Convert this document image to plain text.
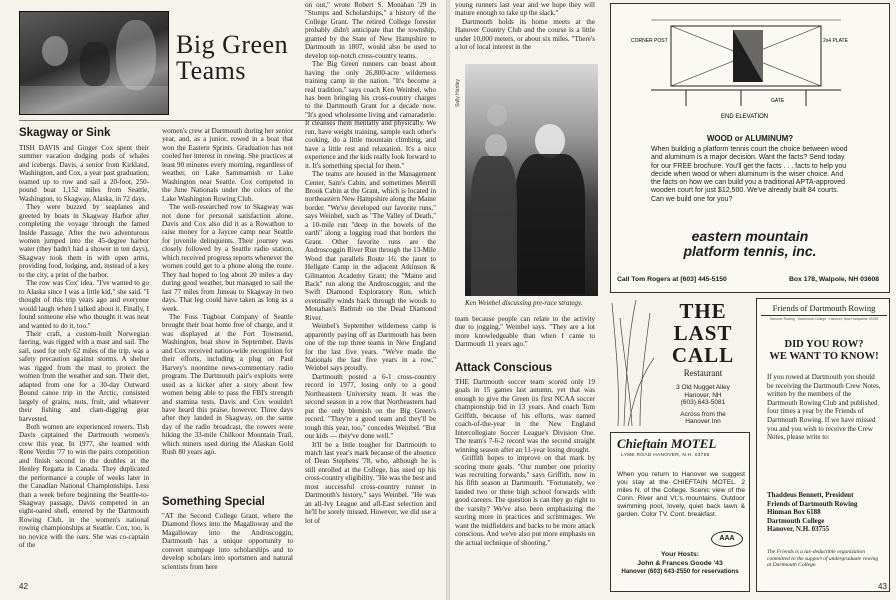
Big Green
Teams
Skagway or Sink

TISH DAVIS and Ginger Cox spent their summer vacation dodging pods of whales and icebergs. Davis, a senior from Kirkland, Washington, and Cox, a year past graduation, teamed up to row and sail a 20-foot, 250-pound boat 1,152 miles from Seattle, Washington, to Skagway, Alaska, in 72 days.

They were buzzed by seaplanes and greeted by boats in Skagway Harbor after completing the voyage through the famed Inside Passage. After the two adventurous women jumped into the 45-degree harbor water (they hadn't had a shower in ten days), Skagway took them in with open arms, providing food, lodging, and, instead of a key to the city, a print of the harbor.

The row was Cox' idea. "I've wanted to go to Alaska since I was a little kid," she said. "I thought of this trip years ago and everyone would laugh when I talked about it. Finally, I found someone else who thought it was neat and wanted to do it, too."

Their craft, a custom-built Norwegian faering, was rigged with a mast and sail. The sail, used for only 62 miles of the trip, was a safety precaution against storms. A shelter was rigged from the mast to protect the women from the weather and sun. Their diet, adapted from one for a 30-day Outward Bound canoe trip in the Arctic, consisted largely of grains, nuts, fruit, and whatever their fishing and clam-digging gear harvested.

Both women are experienced rowers. Tish Davis captained the Dartmouth women's crew this year. In 1977, she teamed with Rene Verdin '77 to win the pairs competition and finish second in the doubles at the Henley Regatta in Canada. They duplicated the performance a couple of weeks later in the Canadian National Championships. Less than a week before beginning the Seattle-to-Skagway passage, Davis competed in an eight-oared shell, entered by the Dartmouth Rowing Club, in the women's national rowing championships at Seattle. Cox, too, is no novice with the oars. She was co-captain of the

women's crew at Dartmouth during her senior year, and, as a junior, rowed in a boat that won the Eastern Sprints. Graduation has not cooled her interest in rowing. She practices at least 90 minutes every morning, regardless of weather, on Lake Sammamish or Lake Washington near Seattle. Cox competed in the June Nationals under the colors of the Lake Washington Rowing Club.

The well-researched row to Skagway was not done for personal satisfaction alone. Davis and Cox also did it as a Rowathon to raise money for a Jaycee camp near Seattle for juvenile delinquents. Their journey was closely followed by a Seattle radio station, which received progress reports whenever the women could get to a phone along the route. They had hoped to log about 20 miles a day during good weather, but managed to sail the last 77 miles from Juneau to Skagway in two days. That leg could have taken as long as a week.

The Foss Tugboat Company of Seattle brought their boat home free of charge, and it was displayed at the Fort Townsend, Washington, boat show in September. Davis and Cox received nation-wide recognition for their efforts, including a plug on Paul Harvey's noontime news-commentary radio program. The Dartmouth pair's exploits were used as a kicker after a story about few women being able to pass the FBI's strength and stamina tests. Davis and Cox wouldn't have heard this praise, however. Three days after they landed in Skagway, on the same day of the radio broadcast, the rowers were hiking the 33-mile Chilkoot Mountain Trail, which miners used during the Alaskan Gold Rush 80 years ago.

Something Special

"AT the Second College Grant, where the Diamond flows into the Magalloway and the Magalloway into the Androscoggin, Dartmouth has a unique opportunity to convert stumpage into scholarships and to develop scholars into sportsmen and natural scientists from here

on out," wrote Robert S. Monahan '29 in "Stumps and Scholarships," a history of the College Grant. The retired College forester probably didn't anticipate that the township, granted by the State of New Hampshire to Dartmouth in 1807, would also be used to develop top-notch cross-country teams.

The Big Green runners can boast about having the only 26,800-acre wilderness training camp in the nation. "It's become a real tradition," says coach Ken Weinbel, who has been bringing his cross-country charges to the Dartmouth Grant for a decade now. "It's good wholesome living and camaraderie. It cleanses them mentally and physically. We run, have weight training, sample each other's cooking, do a little mountain climbing, and have a little rest and relaxation. It's a nice experience and the kids really look forward to it. It's something special for them."

The teams are housed in the Management Center, Sam's Cabin, and sometimes Merrill Brook Cabin at the Grant, which is located in northeastern New Hampshire along the Maine border. "We've developed our favorite runs," says Weinbel, such as "The Valley of Death," a 10-mile run "deep in the bowels of the earth" along a logging road that borders the Grant. Other favorite runs are the Androscoggin River Run through the 13-Mile Wood that parallels Route 16; the jaunt to Hellgate Camp in the adjacent Atkinson & Gilmanton Academy Grant; the "Maine and Back" run along the Androscoggin; and the Swift Diamond Exploratory Run, which eventually winds back through the woods to Monahan's Bathtub on the Dead Diamond River.

Weinbel's September wilderness camp is apparently paying off as Dartmouth has been one of the top three teams in New England for the last five years. "We've made the Nationals the last five years in a row," Weinbel says proudly.

Dartmouth posted a 6-1 cross-country record in 1977, losing only to a good Northeastern University team. It was the second season in a row that Northeastern had put the only blemish on the Big Green's record. "They're a good team and they'll be tough this year, too," concedes Weinbel. "But our kids — they've done well."

It'll be a little tougher for Dartmouth to match last year's mark because of the absence of Dean Stephens '78, who, although he is still enrolled at the College, has used up his cross-country eligibility. "He was the best and most successful cross-country runner in Dartmouth's history," says Weinbel. "He was an all-Ivy League and all-East selection and he'll be sorely missed. However, we did use a lot of

42

young runners last year and we hope they will mature enough to take up the slack."

Dartmouth holds its home meets at the Hanover Country Club and the course is a little under 10,000 meters, or about six miles. "There's a lot of local interest in the

Sally Hartley
Ken Weinbel discussing pre-race strategy.

team because people can relate to the activity due to jogging," Weinbel says. "They are a lot more knowledgeable than when I came to Dartmouth 11 years ago."

Attack Conscious

THE Dartmouth soccer team scored only 19 goals in 15 games last autumn, yet that was enough to give the Green its first NCAA soccer championship bid in 13 years. And coach Tom Griffith, because of his efforts, was named coach-of-the-year in the New England Intercollegiate Soccer League's Division One. The team's 7-6-2 record was the second straight winning season after an 11-year losing drought.

Griffith hopes to improve on that mark by scoring more goals. "Our number one priority was recruiting forwards," says Griffith, now in his fifth season at Dartmouth. "Fortunately, we landed two or three high school forwards with good careers. The question is can they go right to the varsity? We've also been emphasizing the scoring more in practices and scrimmages. We want the midfielders and backs to be more attack conscious. And we've also put more emphasis on the actual technique of shooting."

CORNER POST	2x4 PLATE
GATE
END ELEVATION
WOOD or ALUMINUM?
When building a platform tennis court the choice between wood and aluminum is a major decision. Want the facts? Send today for our FREE brochure. You'll get the facts . . . facts to help you decide when wood or when aluminum is the wiser choice. And the facts on how we can build you a traditional APTA-approved wooden court for just $12,500. We've already built 84 courts. Can we build one for you?
eastern mountain
platform tennis, inc.
Call Tom Rogers at [603] 445-5150	Box 178, Walpole, NH 03608
THE
LAST
CALL
Restaurant
3 Old Nugget Alley
Hanover, NH
(603) 643-5081
Across from the
Hanover Inn
Chieftain MOTEL
LYME ROAD HANOVER, N.H. 03755
When you return to Hanover we suggest you stay at the CHIEFTAIN MOTEL. 2 miles N. of the College. Scenic view of the Conn. River and Vt.'s mountains. Outdoor swimming pool, lovely, quiet back lawn & garden. Color TV. Cont. breakfast.
AAA
Your Hosts:
John & Frances Goode '43
Hanover (603) 643-2550 for reservations
Friends of Dartmouth Rowing
Hanover Rowing · Dartmouth College · Hanover, New Hampshire 03755
DID YOU ROW?
WE WANT TO KNOW!
If you rowed at Dartmouth you should be receiving the Dartmouth Crew Notes, written by the members of the Dartmouth Rowing Club and published four times a year by the Friends of Dartmouth Rowing. If we have missed you and you wish to receive the Crew Notes, please write to:
Thaddeus Bennett, President
Friends of Dartmouth Rowing
Hinman Box 6188
Dartmouth College
Hanover, N.H. 03755
The Friends is a tax-deductible organization committed to the support of undergraduate rowing at Dartmouth College.
43
